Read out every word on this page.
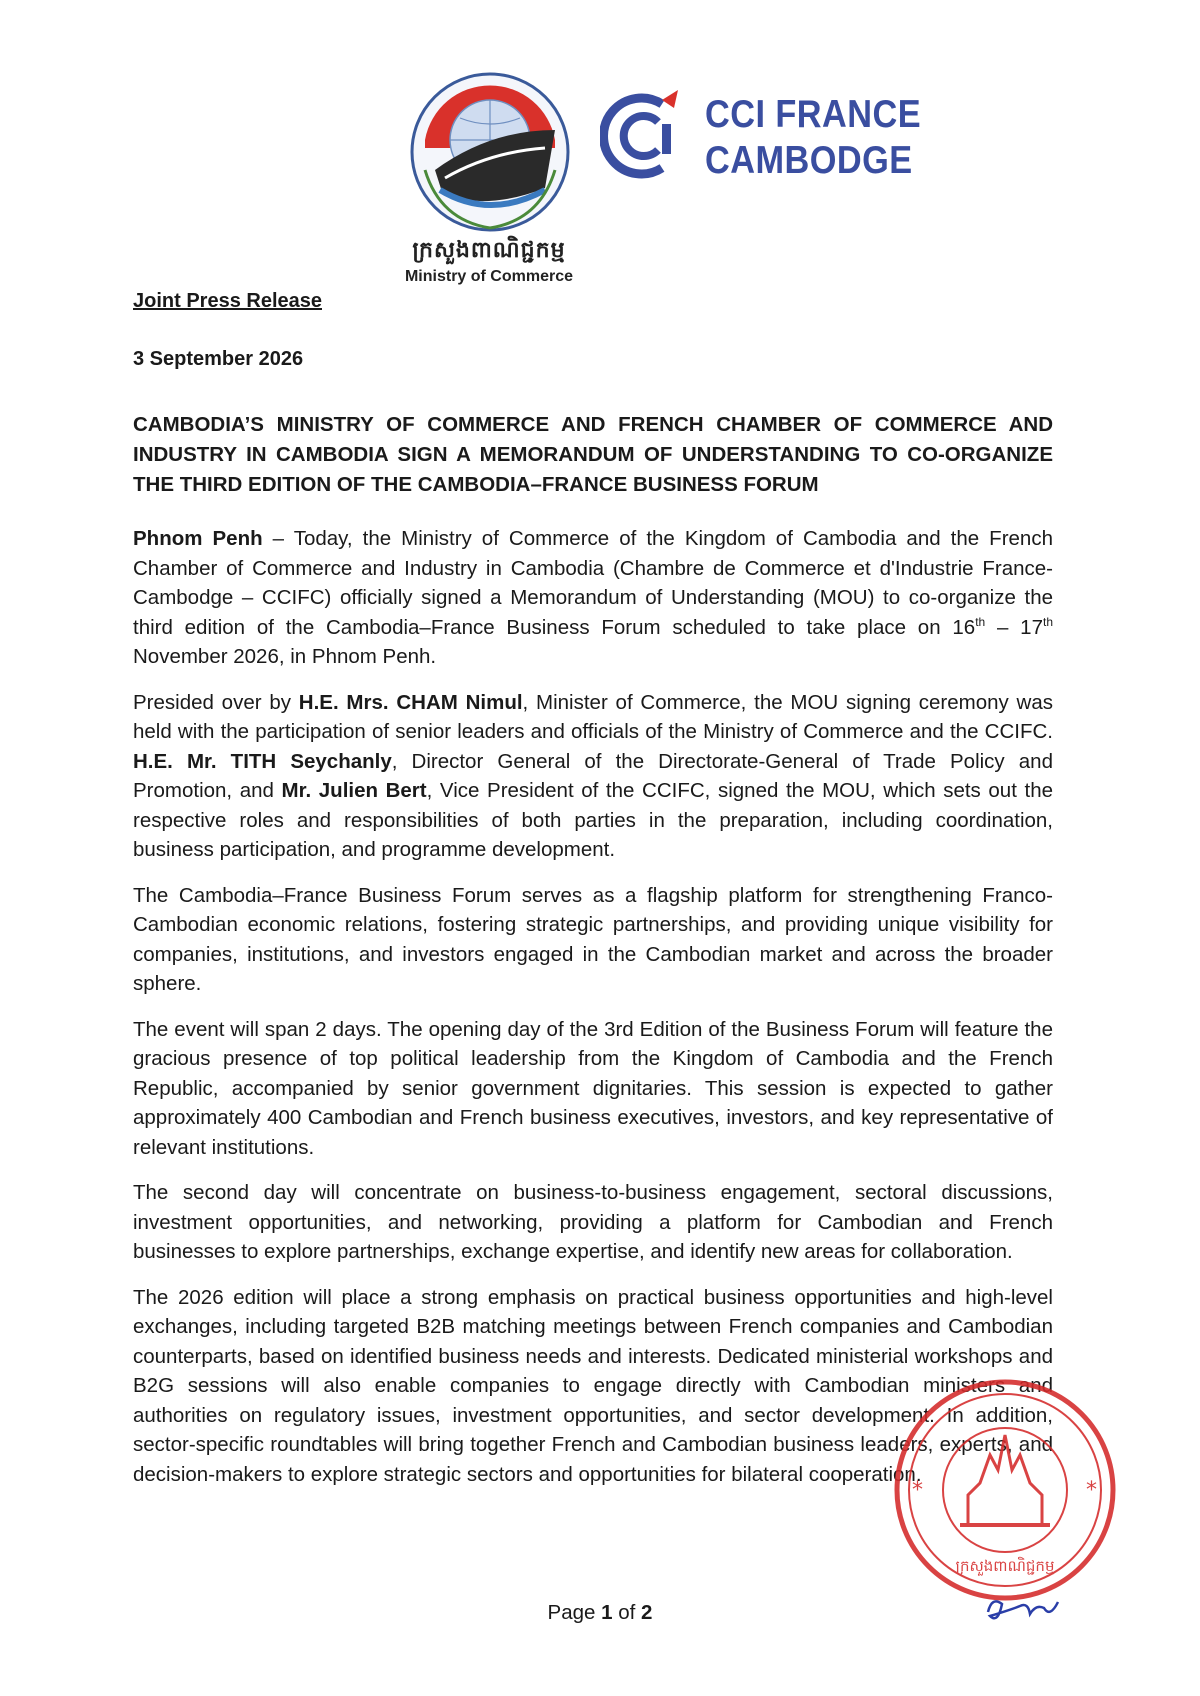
ក្រសួងពាណិជ្ជកម្ម
Ministry of Commerce
CCI FRANCE
CAMBODGE
Joint Press Release
3 September 2026
CAMBODIA’S MINISTRY OF COMMERCE AND FRENCH CHAMBER OF COMMERCE AND INDUSTRY IN CAMBODIA SIGN A MEMORANDUM OF UNDERSTANDING TO CO-ORGANIZE THE THIRD EDITION OF THE CAMBODIA–FRANCE BUSINESS FORUM

Phnom Penh – Today, the Ministry of Commerce of the Kingdom of Cambodia and the French Chamber of Commerce and Industry in Cambodia (Chambre de Commerce et d'Industrie France-Cambodge – CCIFC) officially signed a Memorandum of Understanding (MOU) to co-organize the third edition of the Cambodia–France Business Forum scheduled to take place on 16th – 17th November 2026, in Phnom Penh.

Presided over by H.E. Mrs. CHAM Nimul, Minister of Commerce, the MOU signing ceremony was held with the participation of senior leaders and officials of the Ministry of Commerce and the CCIFC. H.E. Mr. TITH Seychanly, Director General of the Directorate-General of Trade Policy and Promotion, and Mr. Julien Bert, Vice President of the CCIFC, signed the MOU, which sets out the respective roles and responsibilities of both parties in the preparation, including coordination, business participation, and programme development.

The Cambodia–France Business Forum serves as a flagship platform for strengthening Franco-Cambodian economic relations, fostering strategic partnerships, and providing unique visibility for companies, institutions, and investors engaged in the Cambodian market and across the broader sphere.

The event will span 2 days. The opening day of the 3rd Edition of the Business Forum will feature the gracious presence of top political leadership from the Kingdom of Cambodia and the French Republic, accompanied by senior government dignitaries. This session is expected to gather approximately 400 Cambodian and French business executives, investors, and key representative of relevant institutions.

The second day will concentrate on business-to-business engagement, sectoral discussions, investment opportunities, and networking, providing a platform for Cambodian and French businesses to explore partnerships, exchange expertise, and identify new areas for collaboration.

The 2026 edition will place a strong emphasis on practical business opportunities and high-level exchanges, including targeted B2B matching meetings between French companies and Cambodian counterparts, based on identified business needs and interests. Dedicated ministerial workshops and B2G sessions will also enable companies to engage directly with Cambodian ministers and authorities on regulatory issues, investment opportunities, and sector development. In addition, sector-specific roundtables will bring together French and Cambodian business leaders, experts, and decision-makers to explore strategic sectors and opportunities for bilateral cooperation.

*
*
ក្រសួងពាណិជ្ជកម្ម
Page 1 of 2
